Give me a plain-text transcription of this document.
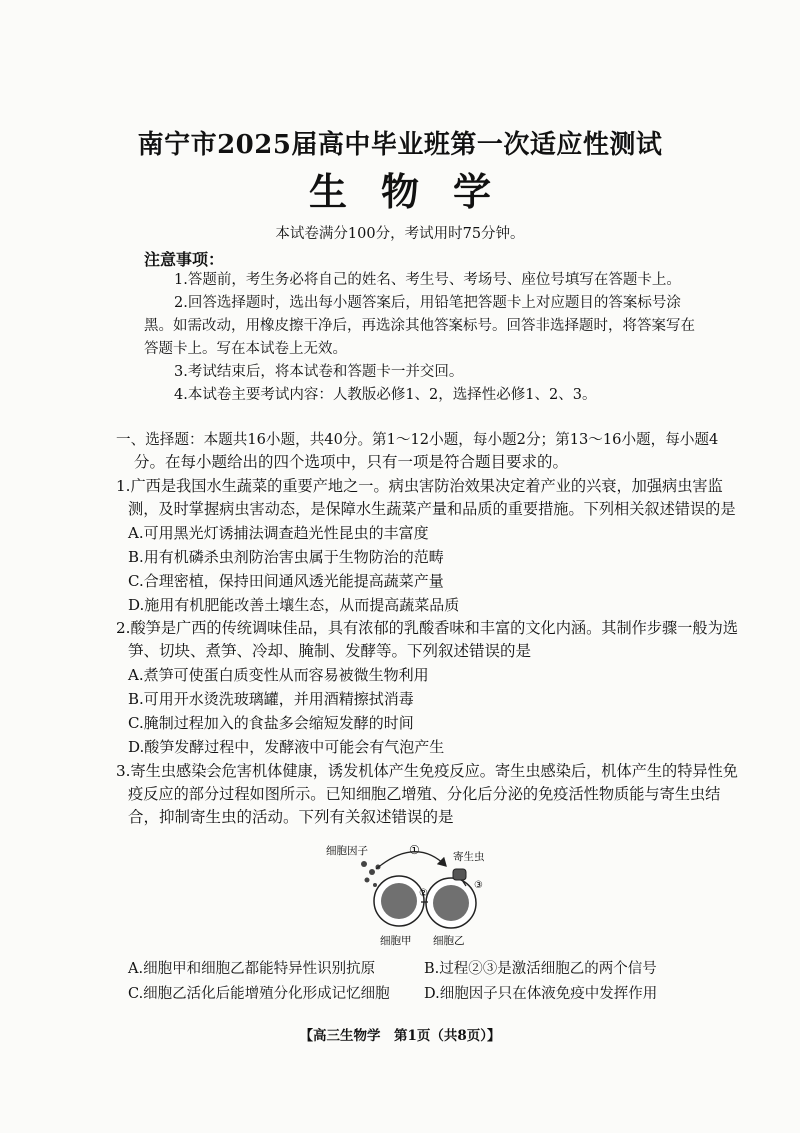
南宁市2025届高中毕业班第一次适应性测试
生物学
本试卷满分100分，考试用时75分钟。
注意事项：
1.答题前，考生务必将自己的姓名、考生号、考场号、座位号填写在答题卡上。
2.回答选择题时，选出每小题答案后，用铅笔把答题卡上对应题目的答案标号涂
黑。如需改动，用橡皮擦干净后，再选涂其他答案标号。回答非选择题时，将答案写在
答题卡上。写在本试卷上无效。
3.考试结束后，将本试卷和答题卡一并交回。
4.本试卷主要考试内容：人教版必修1、2，选择性必修1、2、3。
一、选择题：本题共16小题，共40分。第1～12小题，每小题2分；第13～16小题，每小题4
分。在每小题给出的四个选项中，只有一项是符合题目要求的。
1.广西是我国水生蔬菜的重要产地之一。病虫害防治效果决定着产业的兴衰，加强病虫害监
测，及时掌握病虫害动态，是保障水生蔬菜产量和品质的重要措施。下列相关叙述错误的是
A.可用黑光灯诱捕法调查趋光性昆虫的丰富度
B.用有机磷杀虫剂防治害虫属于生物防治的范畴
C.合理密植，保持田间通风透光能提高蔬菜产量
D.施用有机肥能改善土壤生态，从而提高蔬菜品质
2.酸笋是广西的传统调味佳品，具有浓郁的乳酸香味和丰富的文化内涵。其制作步骤一般为选
笋、切块、煮笋、冷却、腌制、发酵等。下列叙述错误的是
A.煮笋可使蛋白质变性从而容易被微生物利用
B.可用开水烫洗玻璃罐，并用酒精擦拭消毒
C.腌制过程加入的食盐多会缩短发酵的时间
D.酸笋发酵过程中，发酵液中可能会有气泡产生
3.寄生虫感染会危害机体健康，诱发机体产生免疫反应。寄生虫感染后，机体产生的特异性免
疫反应的部分过程如图所示。已知细胞乙增殖、分化后分泌的免疫活性物质能与寄生虫结
合，抑制寄生虫的活动。下列有关叙述错误的是
细胞因子	寄生虫
①
②
③
细胞甲 细胞乙
A.细胞甲和细胞乙都能特异性识别抗原	B.过程②③是激活细胞乙的两个信号
C.细胞乙活化后能增殖分化形成记忆细胞 D.细胞因子只在体液免疫中发挥作用
【高三生物学　第1页（共8页）】
